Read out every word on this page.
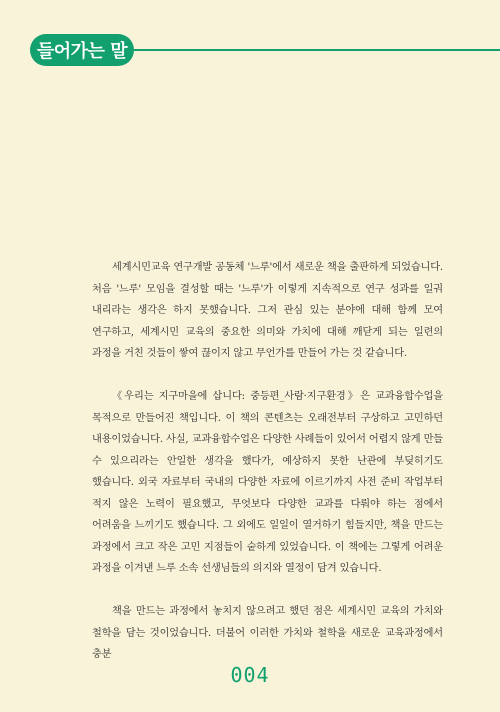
들어가는 말

세계시민교육 연구개발 공동체 '느루'에서 새로운 책을 출판하게 되었습니다. 처음 '느루' 모임을 결성할 때는 '느루'가 이렇게 지속적으로 연구 성과를 일궈 내리라는 생각은 하지 못했습니다. 그저 관심 있는 분야에 대해 함께 모여 연구하고, 세계시민 교육의 중요한 의미와 가치에 대해 깨닫게 되는 일련의 과정을 거친 것들이 쌓여 끊이지 않고 무언가를 만들어 가는 것 같습니다.

《우리는 지구마을에 삽니다: 중등편_사람·지구환경》은 교과융합수업을 목적으로 만들어진 책입니다. 이 책의 콘텐츠는 오래전부터 구상하고 고민하던 내용이었습니다. 사실, 교과융합수업은 다양한 사례들이 있어서 어렵지 않게 만들 수 있으리라는 안일한 생각을 했다가, 예상하지 못한 난관에 부딪히기도 했습니다. 외국 자료부터 국내의 다양한 자료에 이르기까지 사전 준비 작업부터 적지 않은 노력이 필요했고, 무엇보다 다양한 교과를 다뤄야 하는 점에서 어려움을 느끼기도 했습니다. 그 외에도 일일이 열거하기 힘들지만, 책을 만드는 과정에서 크고 작은 고민 지점들이 숱하게 있었습니다. 이 책에는 그렇게 어려운 과정을 이겨낸 느루 소속 선생님들의 의지와 열정이 담겨 있습니다.

책을 만드는 과정에서 놓치지 않으려고 했던 점은 세계시민 교육의 가치와 철학을 담는 것이었습니다. 더불어 이러한 가치와 철학을 새로운 교육과정에서 충분

004
